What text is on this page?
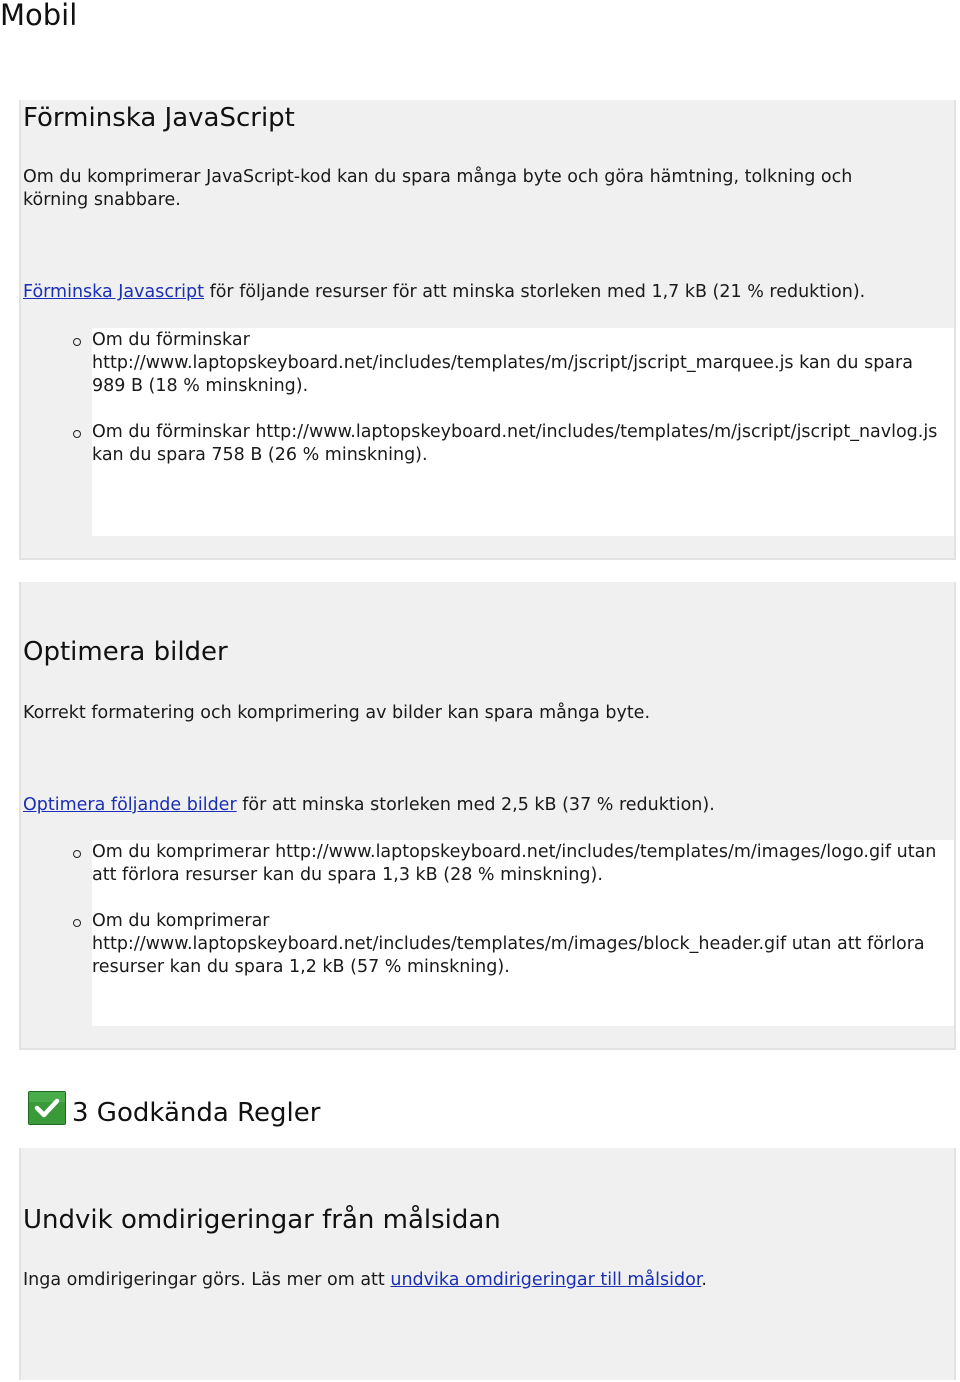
Mobil
Förminska JavaScript

Om du komprimerar JavaScript-kod kan du spara många byte och göra hämtning, tolkning och körning snabbare.

Förminska Javascript för följande resurser för att minska storleken med 1,7 kB (21 % reduktion).

Om du förminskar http://www.laptopskeyboard.net/includes/templates/m/jscript/jscript_marquee.js kan du spara 989 B (18 % minskning).
Om du förminskar http://www.laptopskeyboard.net/includes/templates/m/jscript/jscript_navlog.js kan du spara 758 B (26 % minskning).
Optimera bilder

Korrekt formatering och komprimering av bilder kan spara många byte.

Optimera följande bilder för att minska storleken med 2,5 kB (37 % reduktion).

Om du komprimerar http://www.laptopskeyboard.net/includes/templates/m/images/logo.gif utan att förlora resurser kan du spara 1,3 kB (28 % minskning).
Om du komprimerar http://www.laptopskeyboard.net/includes/templates/m/images/block_header.gif utan att förlora resurser kan du spara 1,2 kB (57 % minskning).
3 Godkända Regler
Undvik omdirigeringar från målsidan

Inga omdirigeringar görs. Läs mer om att undvika omdirigeringar till målsidor.
